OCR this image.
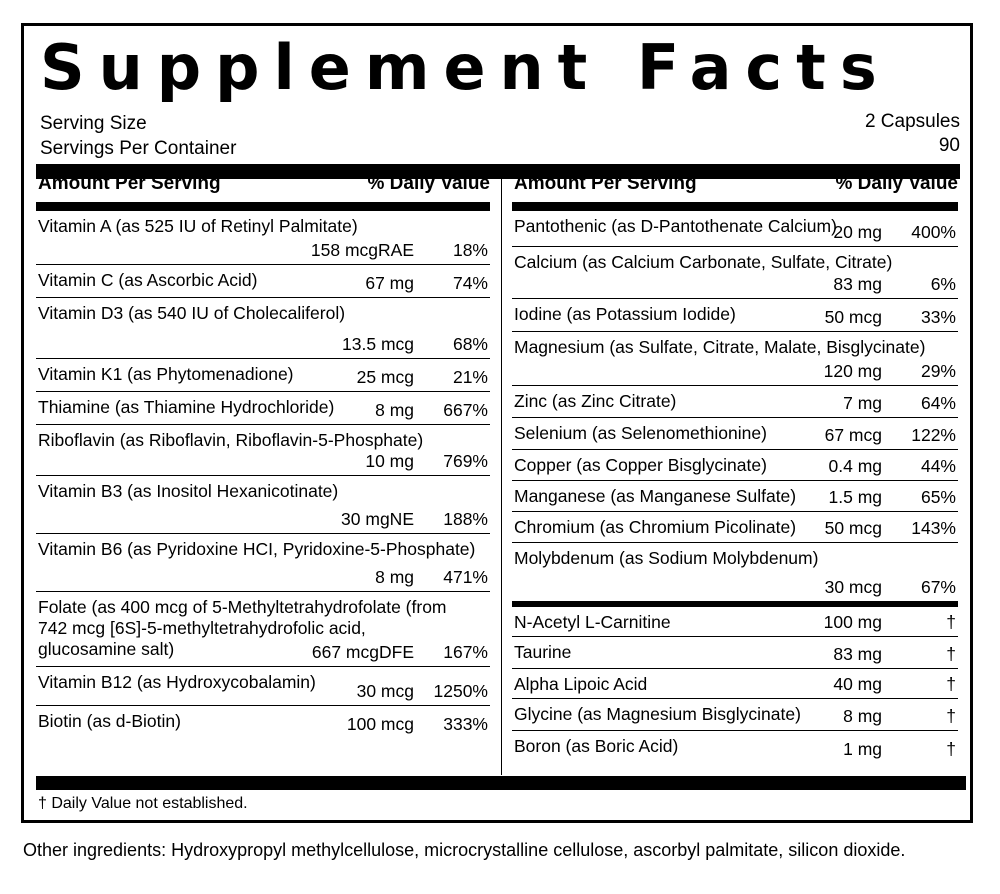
Supplement Facts
Serving Size	2 Capsules
Servings Per Container	90
Amount Per Serving	% Daily Value
Vitamin A (as 525 IU of Retinyl Palmitate)
158 mcgRAE 18%
Vitamin C (as Ascorbic Acid)	67 mg 74%
Vitamin D3 (as 540 IU of Cholecaliferol)
13.5 mcg 68%
Vitamin K1 (as Phytomenadione)	25 mcg 21%
Thiamine (as Thiamine Hydrochloride)	8 mg 667%
Riboflavin (as Riboflavin, Riboflavin-5-Phosphate)
10 mg 769%
Vitamin B3 (as Inositol Hexanicotinate)
30 mgNE 188%
Vitamin B6 (as Pyridoxine HCI, Pyridoxine-5-Phosphate)
8 mg 471%
Folate (as 400 mcg of 5-Methyltetrahydrofolate (from
742 mcg [6S]-5-methyltetrahydrofolic acid,
glucosamine salt)	667 mcgDFE 167%
Vitamin B12 (as Hydroxycobalamin)	30 mcg 1250%
Biotin (as d-Biotin)	100 mcg 333%
Amount Per Serving	% Daily Value
Pantothenic (as D-Pantothenate Calcium)
20 mg 400%
Calcium (as Calcium Carbonate, Sulfate, Citrate)
83 mg	6%
Iodine (as Potassium Iodide)	50 mcg 33%
Magnesium (as Sulfate, Citrate, Malate, Bisglycinate)
120 mg 29%
Zinc (as Zinc Citrate)	7 mg 64%
Selenium (as Selenomethionine)	67 mcg 122%
Copper (as Copper Bisglycinate)	0.4 mg 44%
Manganese (as Manganese Sulfate)	1.5 mg 65%
Chromium (as Chromium Picolinate)	50 mcg 143%
Molybdenum (as Sodium Molybdenum)
30 mcg 67%
N-Acetyl L-Carnitine	100 mg	†
Taurine	83 mg	†
Alpha Lipoic Acid	40 mg	†
Glycine (as Magnesium Bisglycinate)	8 mg	†
Boron (as Boric Acid)	1 mg	†
† Daily Value not established.
Other ingredients: Hydroxypropyl methylcellulose, microcrystalline cellulose, ascorbyl palmitate, silicon dioxide.
